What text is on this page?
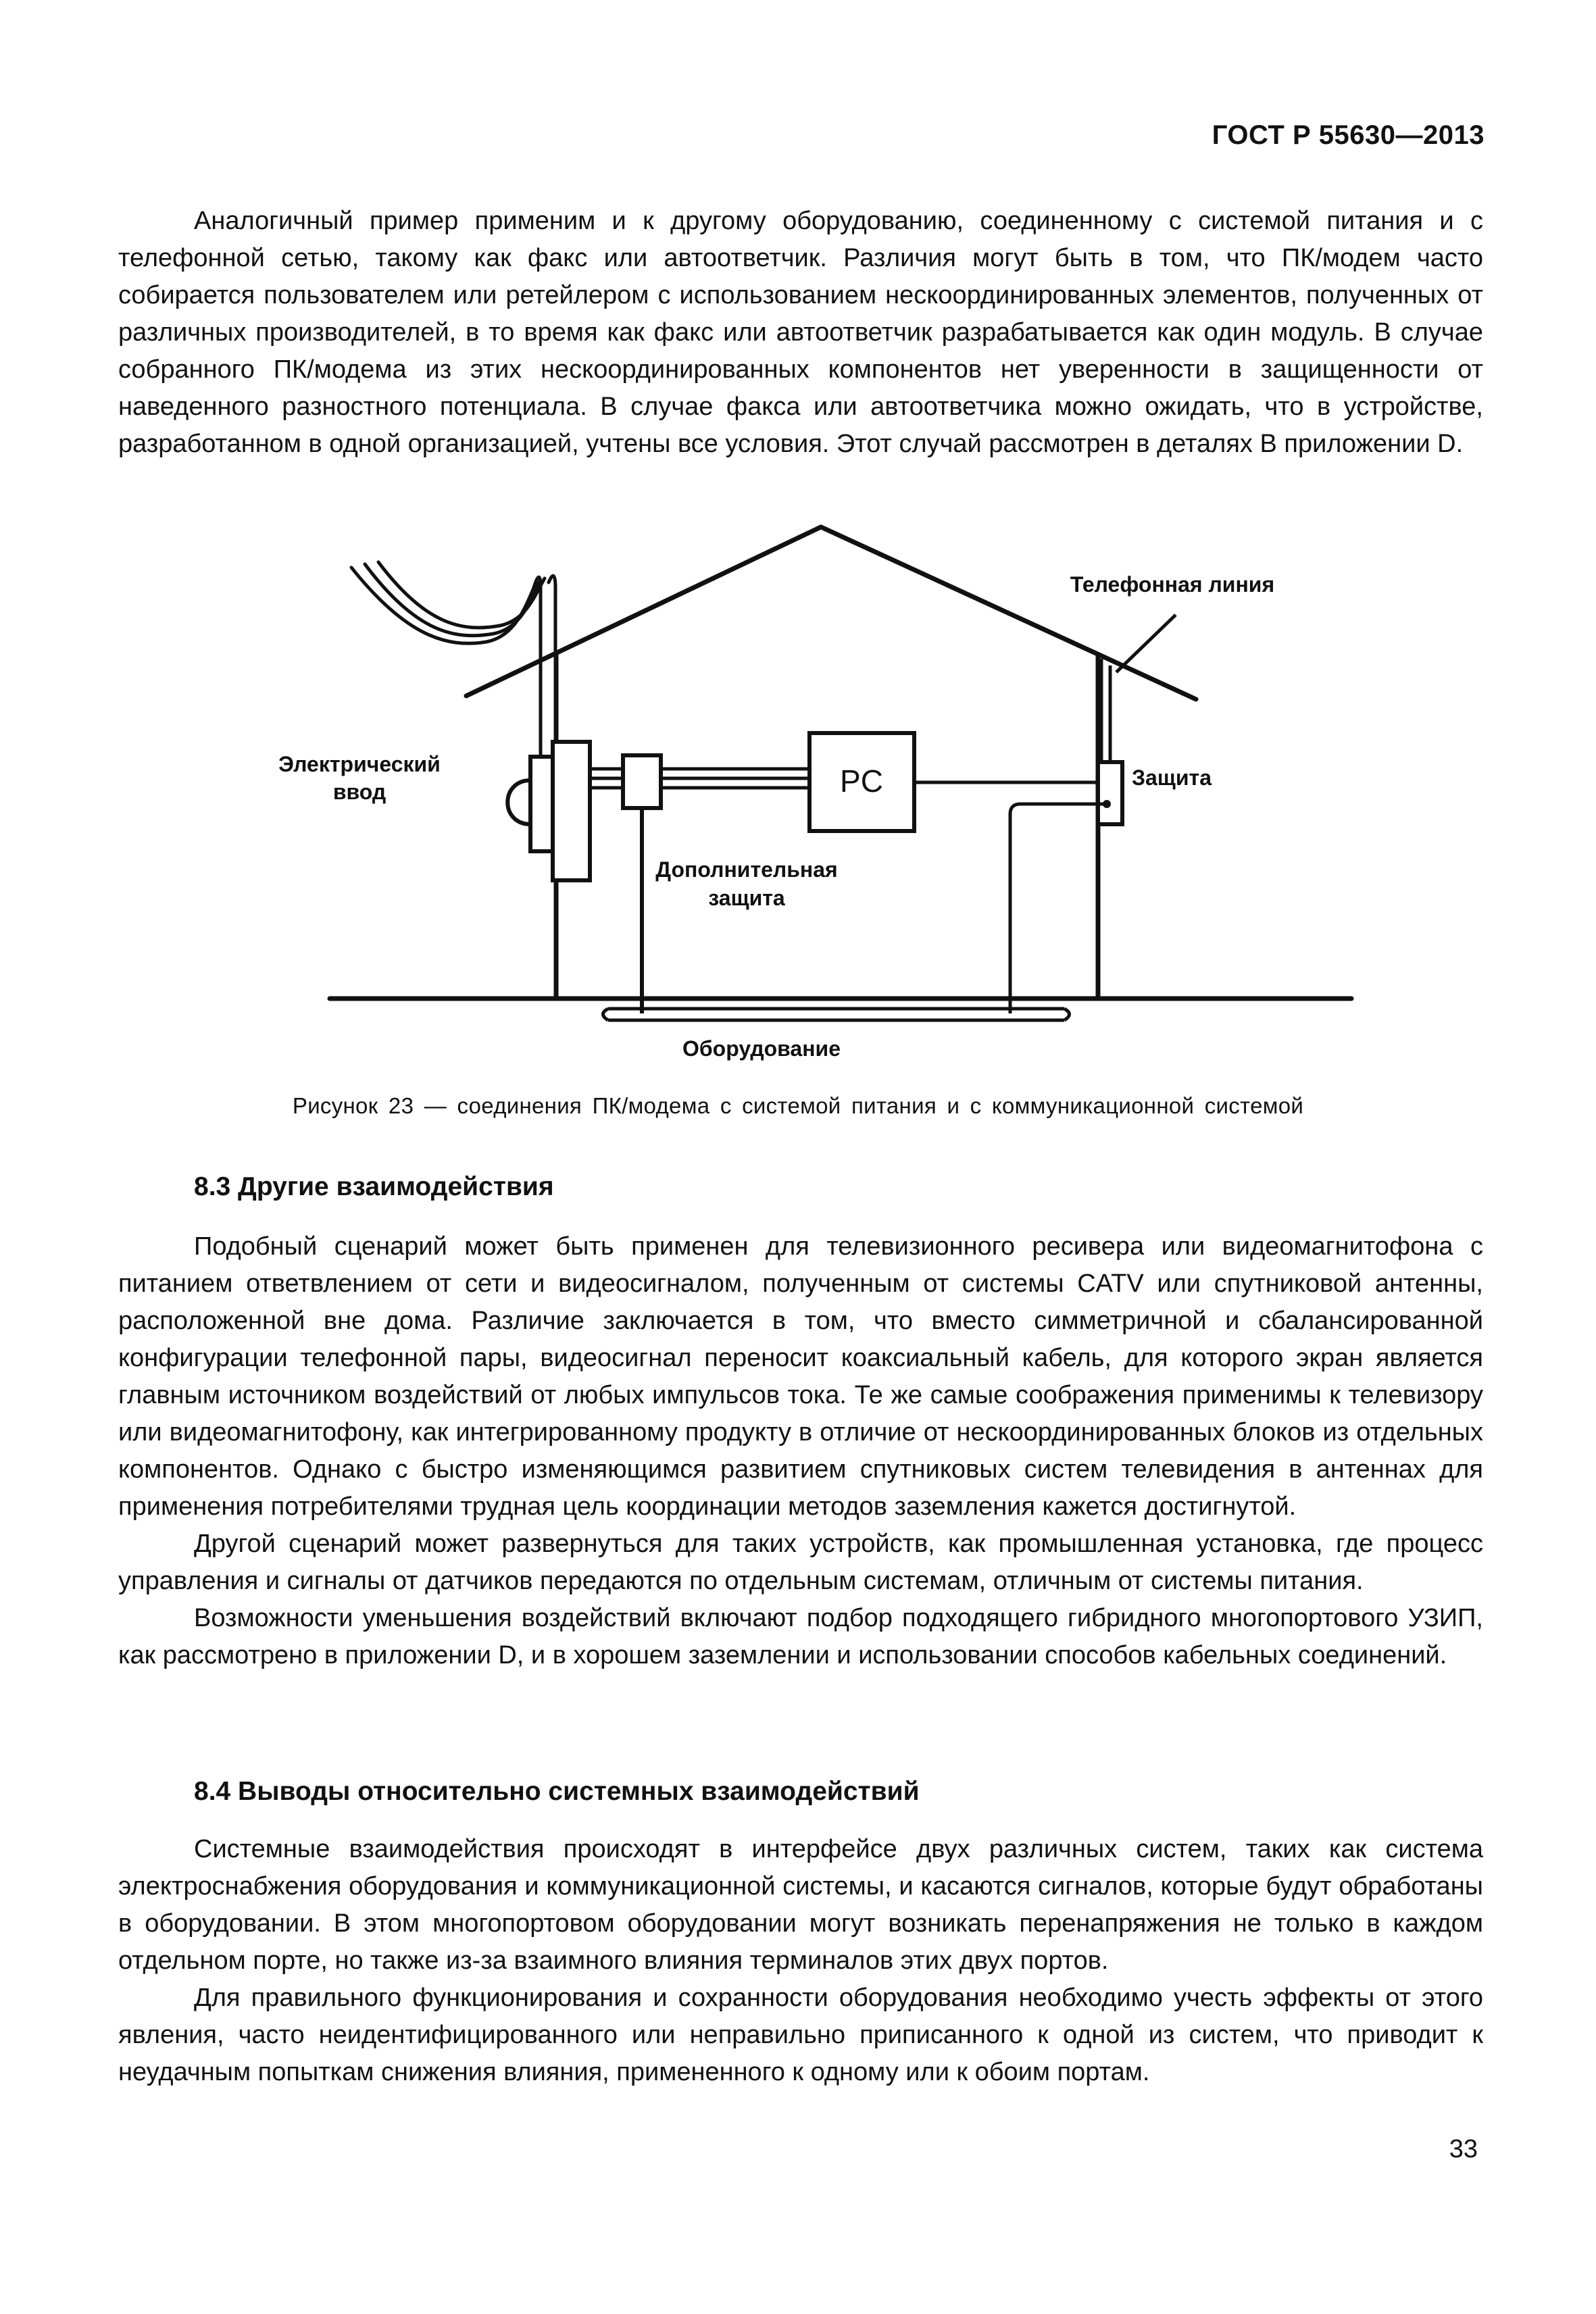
ГОСТ Р 55630—2013

Аналогичный пример применим и к другому оборудованию, соединенному с системой питания и с телефонной сетью, такому как факс или автоответчик. Различия могут быть в том, что ПК/модем часто собирается пользователем или ретейлером с использованием нескоординированных элементов, полученных от различных производителей, в то время как факс или автоответчик разрабатывается как один модуль. В случае собранного ПК/модема из этих нескоординированных компонентов нет уверенности в защищенности от наведенного разностного потенциала. В случае факса или автоответчика можно ожидать, что в устройстве, разработанном в одной организацией, учтены все условия. Этот случай рассмотрен в деталях В приложении D.

PC
Телефонная линия
Электрический
ввод
Защита
Дополнительная
защита
Оборудование
Рисунок 23 — соединения ПК/модема с системой питания и с коммуникационной системой
8.3 Другие взаимодействия

Подобный сценарий может быть применен для телевизионного ресивера или видеомагнитофона с питанием ответвлением от сети и видеосигналом, полученным от системы CATV или спутниковой антенны, расположенной вне дома. Различие заключается в том, что вместо симметричной и сбалансированной конфигурации телефонной пары, видеосигнал переносит коаксиальный кабель, для которого экран является главным источником воздействий от любых импульсов тока. Те же самые соображения применимы к телевизору или видеомагнитофону, как интегрированному продукту в отличие от нескоординированных блоков из отдельных компонентов. Однако с быстро изменяющимся развитием спутниковых систем телевидения в антеннах для применения потребителями трудная цель координации методов заземления кажется достигнутой.

Другой сценарий может развернуться для таких устройств, как промышленная установка, где процесс управления и сигналы от датчиков передаются по отдельным системам, отличным от системы питания.

Возможности уменьшения воздействий включают подбор подходящего гибридного многопортового УЗИП, как рассмотрено в приложении D, и в хорошем заземлении и использовании способов кабельных соединений.

8.4 Выводы относительно системных взаимодействий

Системные взаимодействия происходят в интерфейсе двух различных систем, таких как система электроснабжения оборудования и коммуникационной системы, и касаются сигналов, которые будут обработаны в оборудовании. В этом многопортовом оборудовании могут возникать перенапряжения не только в каждом отдельном порте, но также из-за взаимного влияния терминалов этих двух портов.

Для правильного функционирования и сохранности оборудования необходимо учесть эффекты от этого явления, часто неидентифицированного или неправильно приписанного к одной из систем, что приводит к неудачным попыткам снижения влияния, примененного к одному или к обоим портам.

33
